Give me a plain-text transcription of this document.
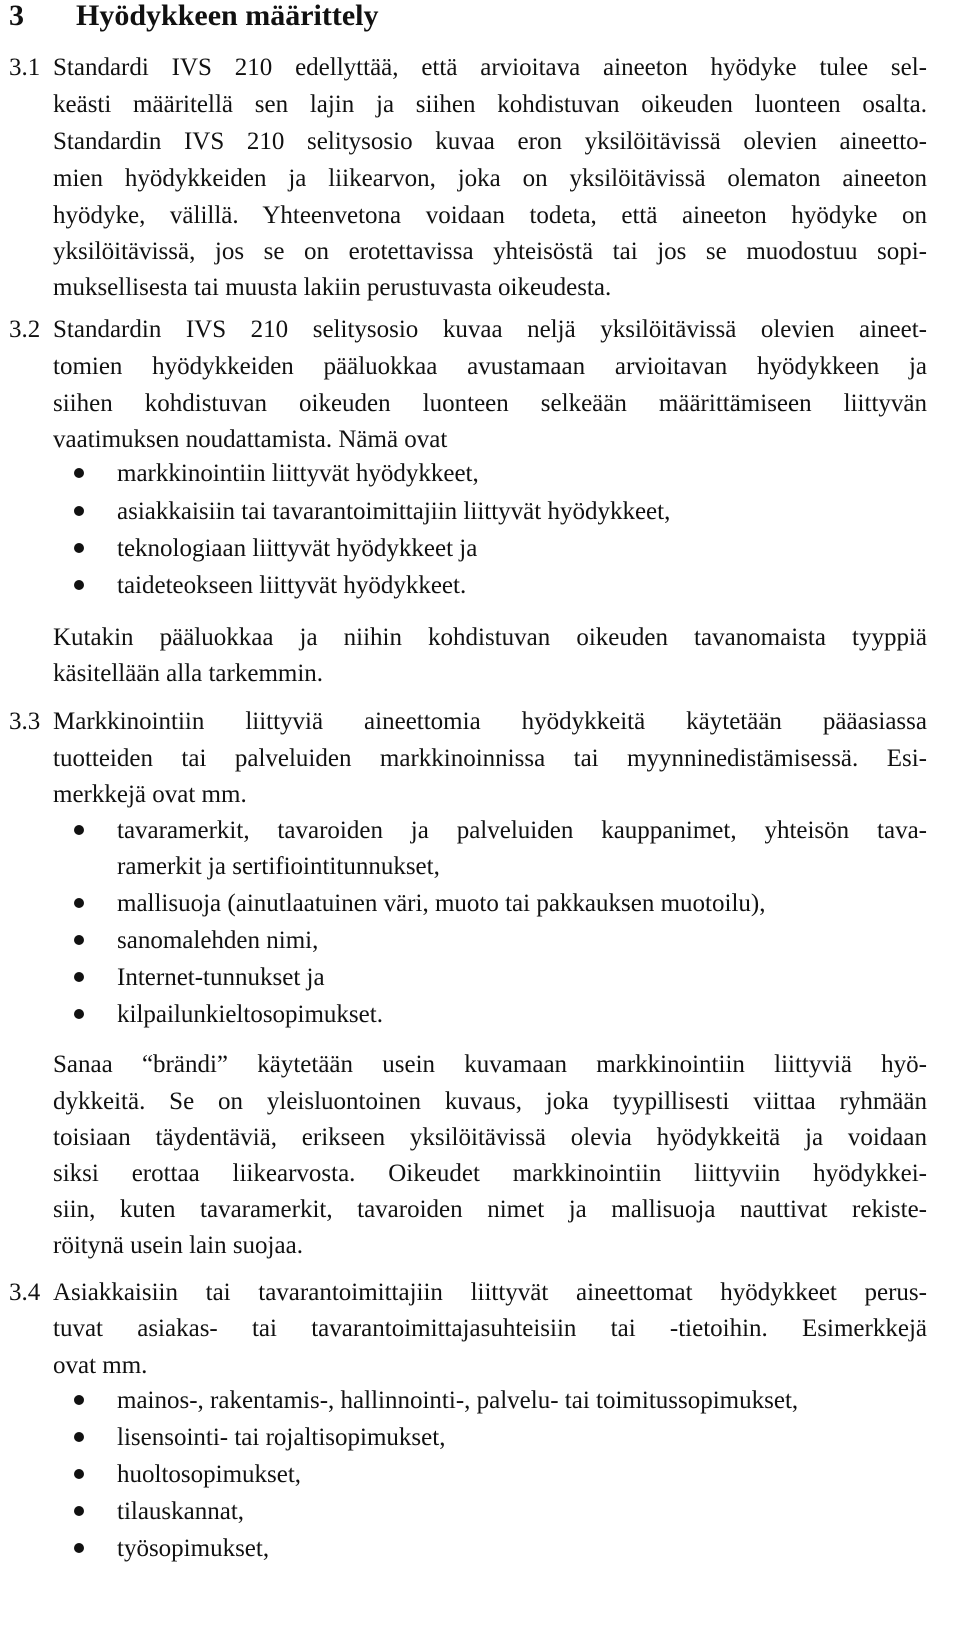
3 Hyödykkeen määrittely
3.1 Standardi IVS 210 edellyttää, että arvioitava aineeton hyödyke tulee sel-
keästi määritellä sen lajin ja siihen kohdistuvan oikeuden luonteen osalta.
Standardin IVS 210 selitysosio kuvaa eron yksilöitävissä olevien aineetto-
mien hyödykkeiden ja liikearvon, joka on yksilöitävissä olematon aineeton
hyödyke, välillä. Yhteenvetona voidaan todeta, että aineeton hyödyke on
yksilöitävissä, jos se on erotettavissa yhteisöstä tai jos se muodostuu sopi-
muksellisesta tai muusta lakiin perustuvasta oikeudesta.
3.2 Standardin IVS 210 selitysosio kuvaa neljä yksilöitävissä olevien aineet-
tomien hyödykkeiden pääluokkaa avustamaan arvioitavan hyödykkeen ja
siihen kohdistuvan oikeuden luonteen selkeään määrittämiseen liittyvän
vaatimuksen noudattamista. Nämä ovat
markkinointiin liittyvät hyödykkeet,
asiakkaisiin tai tavarantoimittajiin liittyvät hyödykkeet,
teknologiaan liittyvät hyödykkeet ja
taideteokseen liittyvät hyödykkeet.
Kutakin pääluokkaa ja niihin kohdistuvan oikeuden tavanomaista tyyppiä
käsitellään alla tarkemmin.
3.3 Markkinointiin liittyviä aineettomia hyödykkeitä käytetään pääasiassa
tuotteiden tai palveluiden markkinoinnissa tai myynninedistämisessä. Esi-
merkkejä ovat mm.
tavaramerkit, tavaroiden ja palveluiden kauppanimet, yhteisön tava-
ramerkit ja sertifiointitunnukset,
mallisuoja (ainutlaatuinen väri, muoto tai pakkauksen muotoilu),
sanomalehden nimi,
Internet-tunnukset ja
kilpailunkieltosopimukset.
Sanaa “brändi” käytetään usein kuvamaan markkinointiin liittyviä hyö-
dykkeitä. Se on yleisluontoinen kuvaus, joka tyypillisesti viittaa ryhmään
toisiaan täydentäviä, erikseen yksilöitävissä olevia hyödykkeitä ja voidaan
siksi erottaa liikearvosta. Oikeudet markkinointiin liittyviin hyödykkei-
siin, kuten tavaramerkit, tavaroiden nimet ja mallisuoja nauttivat rekiste-
röitynä usein lain suojaa.
3.4 Asiakkaisiin tai tavarantoimittajiin liittyvät aineettomat hyödykkeet perus-
tuvat asiakas- tai tavarantoimittajasuhteisiin tai -tietoihin. Esimerkkejä
ovat mm.
mainos-, rakentamis-, hallinnointi-, palvelu- tai toimitussopimukset,
lisensointi- tai rojaltisopimukset,
huoltosopimukset,
tilauskannat,
työsopimukset,
